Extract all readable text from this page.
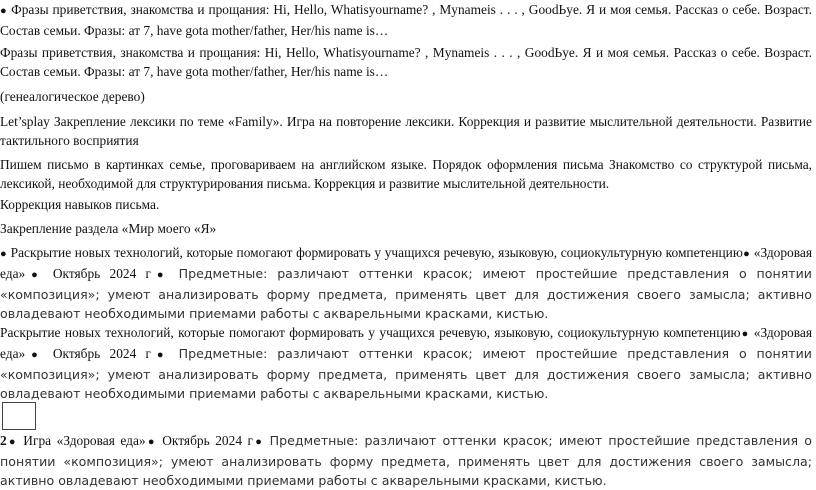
● Фразы приветствия, знакомства и прощания: Hi, Hello, Whatisyourname? , Mynameis . . . , GoodЬye. Я и моя семья. Рассказ о себе. Возраст. Состав семьи. Фразы: ат 7, have gota mother/father, Her/his name is…

Фразы приветствия, знакомства и прощания: Hi, Hello, Whatisyourname? , Mynameis . . . , GoodЬye. Я и моя семья. Рассказ о себе. Возраст. Состав семьи. Фразы: ат 7, have gota mother/father, Her/his name is…

(генеалогическое дерево)

Let’splay Закрепление лексики по теме «Family». Игра на повторение лексики. Коррекция и развитие мыслительной деятельности. Развитие тактильного восприятия

Пишем письмо в картинках семье, проговариваем на английском языке. Порядок оформления письма Знакомство со структурой письма, лексикой, необходимой для структурирования письма. Коррекция и развитие мыслительной деятельности.

Коррекция навыков письма.

Закрепление раздела «Мир моего «Я»

● Раскрытие новых технологий, которые помогают формировать у учащихся речевую, языковую, социокультурную компетенцию● «Здоровая еда»● Октябрь 2024 г● Предметные: различают оттенки красок; имеют простейшие представления о понятии «композиция»; умеют анализировать форму предмета, применять цвет для достижения своего замысла; активно овладевают необходимыми приемами работы с акварельными красками, кистью.

Раскрытие новых технологий, которые помогают формировать у учащихся речевую, языковую, социокультурную компетенцию● «Здоровая еда»● Октябрь 2024 г● Предметные: различают оттенки красок; имеют простейшие представления о понятии «композиция»; умеют анализировать форму предмета, применять цвет для достижения своего замысла; активно овладевают необходимыми приемами работы с акварельными красками, кистью.

2● Игра «Здоровая еда»● Октябрь 2024 г● Предметные: различают оттенки красок; имеют простейшие представления о понятии «композиция»; умеют анализировать форму предмета, применять цвет для достижения своего замысла; активно овладевают необходимыми приемами работы с акварельными красками, кистью.
